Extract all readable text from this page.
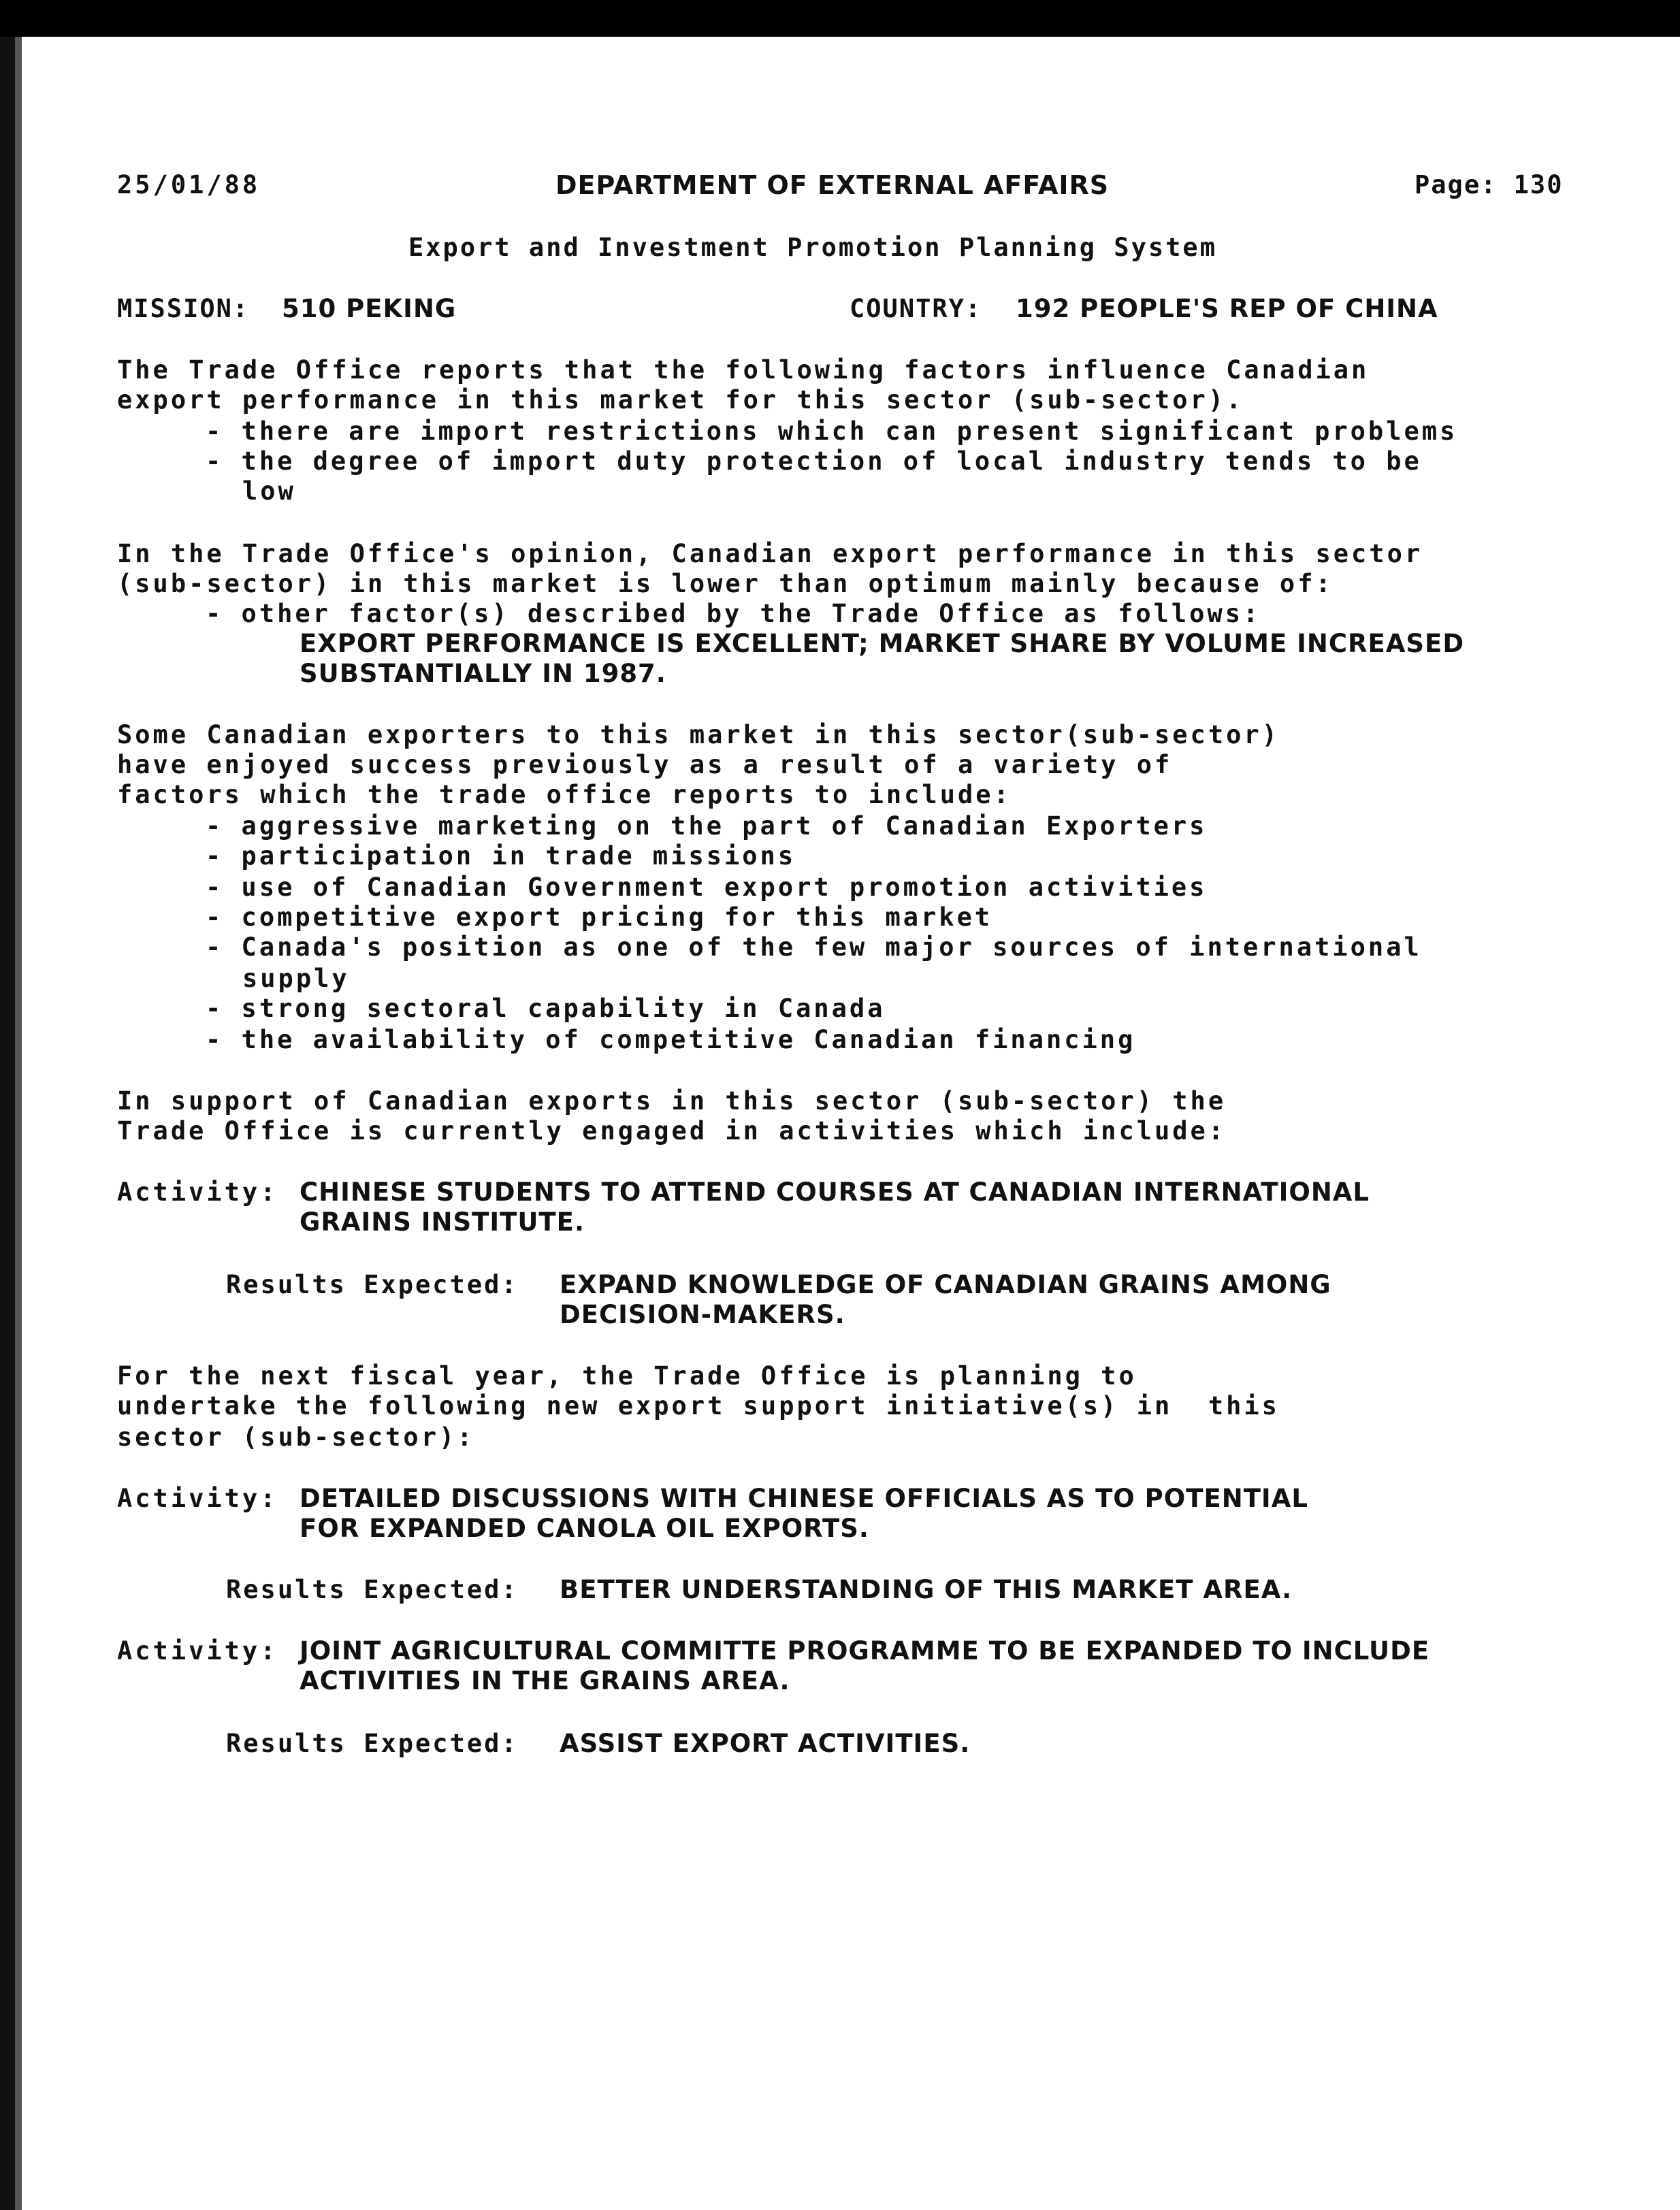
25/01/88	DEPARTMENT OF EXTERNAL AFFAIRS	Page: 130
Export and Investment Promotion Planning System
MISSION: 510 PEKING	COUNTRY: 192 PEOPLE'S REP OF CHINA
The Trade Office reports that the following factors influence Canadian
export performance in this market for this sector (sub-sector).
- there are import restrictions which can present significant problems
- the degree of import duty protection of local industry tends to be
low
In the Trade Office's opinion, Canadian export performance in this sector
(sub-sector) in this market is lower than optimum mainly because of:
- other factor(s) described by the Trade Office as follows:
EXPORT PERFORMANCE IS EXCELLENT; MARKET SHARE BY VOLUME INCREASED
SUBSTANTIALLY IN 1987.
Some Canadian exporters to this market in this sector(sub-sector)
have enjoyed success previously as a result of a variety of
factors which the trade office reports to include:
- aggressive marketing on the part of Canadian Exporters
- participation in trade missions
- use of Canadian Government export promotion activities
- competitive export pricing for this market
- Canada's position as one of the few major sources of international
supply
- strong sectoral capability in Canada
- the availability of competitive Canadian financing
In support of Canadian exports in this sector (sub-sector) the
Trade Office is currently engaged in activities which include:
Activity: CHINESE STUDENTS TO ATTEND COURSES AT CANADIAN INTERNATIONAL
GRAINS INSTITUTE.
Results Expected: EXPAND KNOWLEDGE OF CANADIAN GRAINS AMONG
DECISION-MAKERS.
For the next fiscal year, the Trade Office is planning to
undertake the following new export support initiative(s) in  this
sector (sub-sector):
Activity: DETAILED DISCUSSIONS WITH CHINESE OFFICIALS AS TO POTENTIAL
FOR EXPANDED CANOLA OIL EXPORTS.
Results Expected: BETTER UNDERSTANDING OF THIS MARKET AREA.
Activity: JOINT AGRICULTURAL COMMITTE PROGRAMME TO BE EXPANDED TO INCLUDE
ACTIVITIES IN THE GRAINS AREA.
Results Expected: ASSIST EXPORT ACTIVITIES.
